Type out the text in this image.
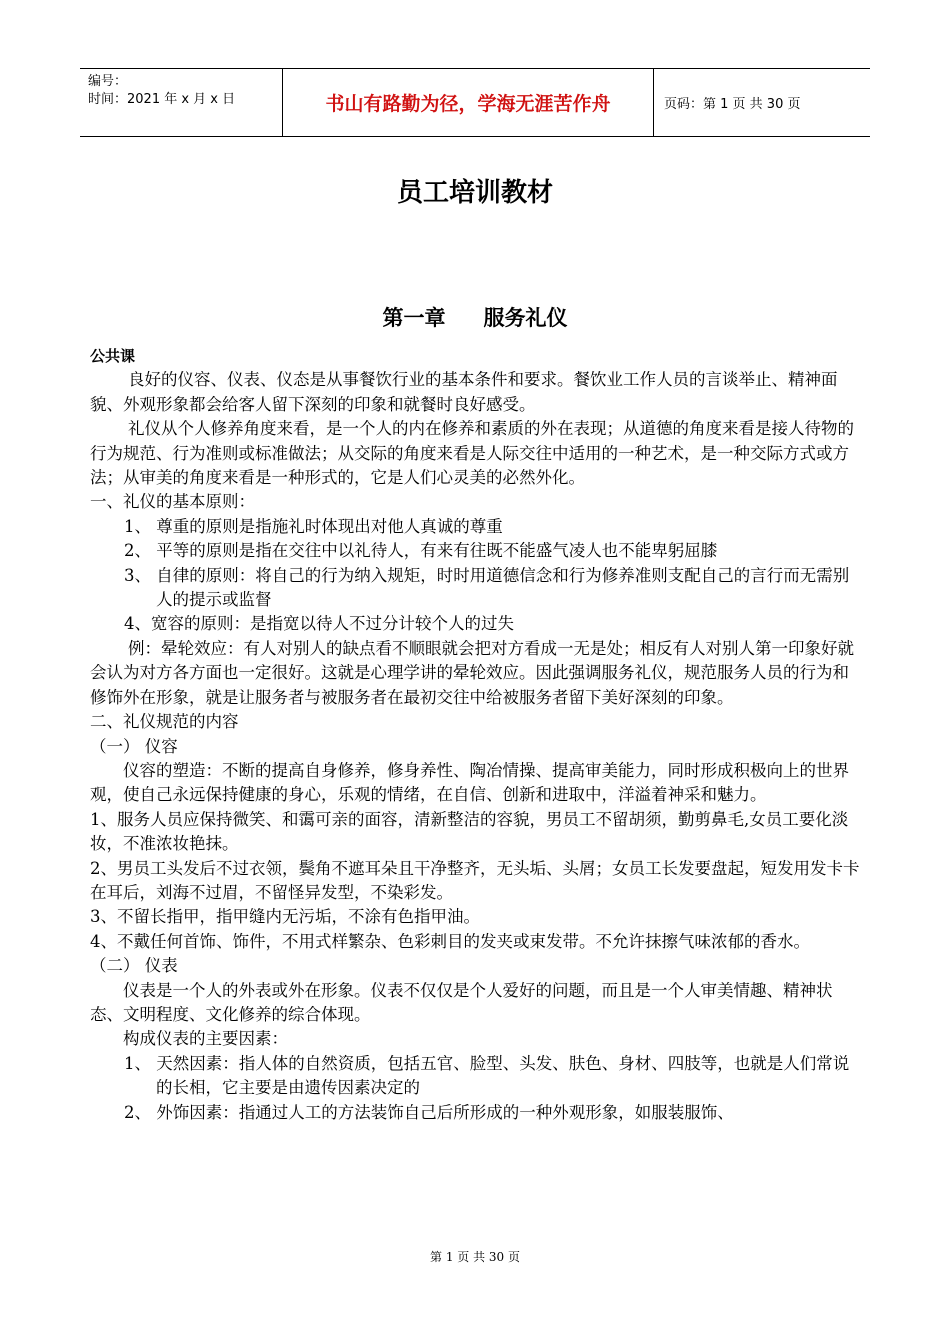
编号：
时间：2021 年 x 月 x 日	书山有路勤为径，学海无涯苦作舟	页码：第 1 页 共 30 页
员工培训教材
第一章 服务礼仪

公共课

良好的仪容、仪表、仪态是从事餐饮行业的基本条件和要求。餐饮业工作人员的言谈举止、精神面貌、外观形象都会给客人留下深刻的印象和就餐时良好感受。

礼仪从个人修养角度来看，是一个人的内在修养和素质的外在表现；从道德的角度来看是接人待物的行为规范、行为准则或标准做法；从交际的角度来看是人际交往中适用的一种艺术，是一种交际方式或方法；从审美的角度来看是一种形式的，它是人们心灵美的必然外化。

一、礼仪的基本原则：

1、 尊重的原则是指施礼时体现出对他人真诚的尊重

2、 平等的原则是指在交往中以礼待人，有来有往既不能盛气凌人也不能卑躬屈膝

3、 自律的原则：将自己的行为纳入规矩，时时用道德信念和行为修养准则支配自己的言行而无需别人的提示或监督

4、宽容的原则：是指宽以待人不过分计较个人的过失

例：晕轮效应：有人对别人的缺点看不顺眼就会把对方看成一无是处；相反有人对别人第一印象好就会认为对方各方面也一定很好。这就是心理学讲的晕轮效应。因此强调服务礼仪，规范服务人员的行为和修饰外在形象，就是让服务者与被服务者在最初交往中给被服务者留下美好深刻的印象。

二、礼仪规范的内容

（一） 仪容

仪容的塑造：不断的提高自身修养，修身养性、陶冶情操、提高审美能力，同时形成积极向上的世界观，使自己永远保持健康的身心，乐观的情绪，在自信、创新和进取中，洋溢着神采和魅力。

1、服务人员应保持微笑、和霭可亲的面容，清新整洁的容貌，男员工不留胡须，勤剪鼻毛,女员工要化淡妆，不准浓妆艳抹。

2、男员工头发后不过衣领，鬓角不遮耳朵且干净整齐，无头垢、头屑；女员工长发要盘起，短发用发卡卡在耳后，刘海不过眉，不留怪异发型，不染彩发。

3、不留长指甲，指甲缝内无污垢，不涂有色指甲油。

4、不戴任何首饰、饰件，不用式样繁杂、色彩刺目的发夹或束发带。不允许抹擦气味浓郁的香水。

（二） 仪表

仪表是一个人的外表或外在形象。仪表不仅仅是个人爱好的问题，而且是一个人审美情趣、精神状态、文明程度、文化修养的综合体现。

构成仪表的主要因素：

1、 天然因素：指人体的自然资质，包括五官、脸型、头发、肤色、身材、四肢等，也就是人们常说的长相，它主要是由遗传因素决定的

2、 外饰因素：指通过人工的方法装饰自己后所形成的一种外观形象，如服装服饰、

第 1 页 共 30 页
